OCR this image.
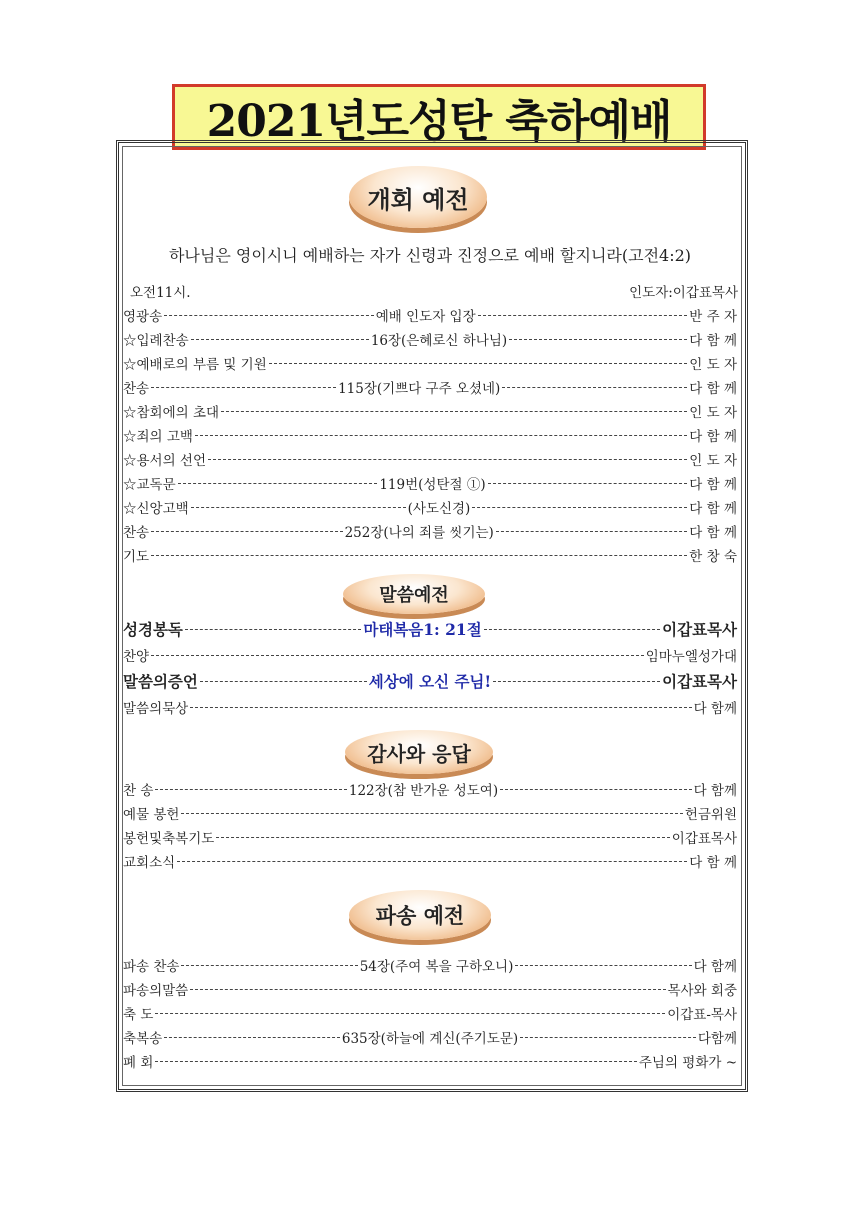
2021년도성탄 축하예배
개회 예전
하나님은 영이시니 예배하는 자가 신령과 진정으로 예배 할지니라(고전4:2)
오전11시.	인도자:이갑표목사
영광송	예배 인도자 입장	반 주 자
☆입례찬송	16장(은혜로신 하나님)	다 함 께
☆예배로의 부름 및 기원	인 도 자
찬송	115장(기쁘다 구주 오셨네)	다 함 께
☆참회에의 초대	인 도 자
☆죄의 고백	다 함 께
☆용서의 선언	인 도 자
☆교독문	119번(성탄절 ①)	다 함 께
☆신앙고백	(사도신경)	다 함 께
찬송	252장(나의 죄를 씻기는)	다 함 께
기도	한 창 숙
말씀예전
성경봉독	마태복음1: 21절	이갑표목사
찬양	임마누엘성가대
말씀의증언	세상에 오신 주님!	이갑표목사
말씀의묵상	다 함께
감사와 응답
찬 송	122장(참 반가운 성도여)	다 함께
예물 봉헌	헌금위원
봉헌및축복기도	이갑표목사
교회소식	다 함 께
파송 예전
파송 찬송	54장(주여 복을 구하오니)	다 함께
파송의말씀	목사와 회중
축 도	이갑표-목사
축복송	635장(하늘에 계신(주기도문)	다함께
폐 회	주님의 평화가 ~
